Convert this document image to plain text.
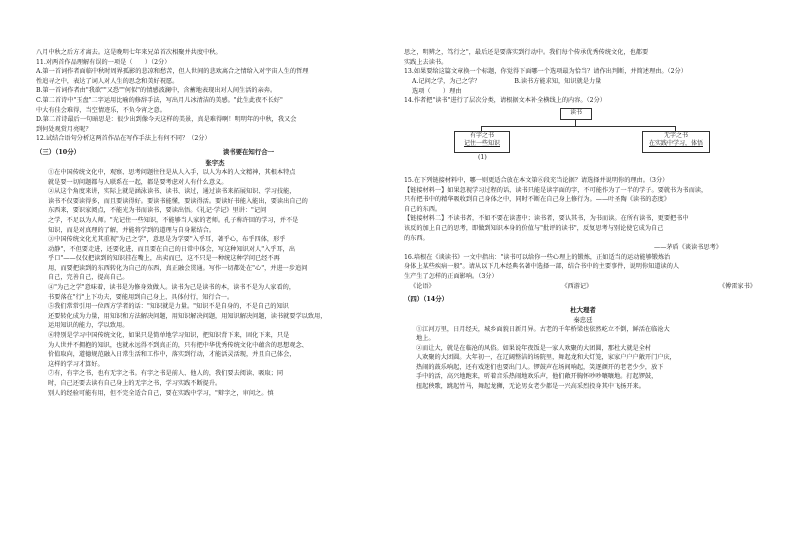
八月中秋之后方才离去。这是晚明七年来兄弟首次相聚并共度中秋。
11.对两首作品理解有误的一项是（　　）（2分）
A.第一首词作者面临中秋时周界孤影的悲凉和愁苦，但人世间的悲欢离合之情给入对宇宙人生的哲理
性追寻之中，表达了词人对人生的思念和美好祝愿。
B.第一首词作者由"我欲""又恐""何似"的情感波澜中，含蓄地表现出对人间生活的亲奔。
C.第二首诗中"玉盘"二字运用比喻的修辞手法，写出月儿冰清洁的美感。"此生此夜不长好"
中大有佳会难得，当空情迹乐，不负今宵之意。
D.第二首诗最后一句暗思是：很少出到像今天这样的美景，真是难得啊！明明年的中秋，我又会
到何处观赏月亮呢？
12.试结合语句分析这两首作品在写作手法上有何不同？（2分）
（三）（10分）	读书要在知行合一
张宇杰
①在中国传统文化中，观察、思考问题往往是从人入手，以人为本的人文精神，其根本特点
就是要一切问题都与人联系在一起，都是要考虑对人有什么意义。
②从这个角度来讲，实际上就是涵泳读书、读书、读过，通过读书来拓展知识、学习技能，
读书不仅要读得多，而且要读得好。要读书能懂，要读得活。要读好书能入能出，要读出自己的
东西来，要识家阅点，不能光为书而读书，要读出悟。《礼记·学记》里讲："记问
之学，不足以为人师。"光记住一些知识，不能够当人家的老师。孔子称许回的学习，并不是
知识，而是对真理的了解，并能将学到的道理与自身紧结合。
③中国传统文化尤其重视"为己之学"，意思是为学要"入乎耳，著乎心，布乎四体，形乎
动静"，不但要走进，还要化进，而且要在自己的日常中体会，写这种知识对人"入乎耳，出
乎口"——仅仅把读到的知识挂在嘴上，出卖而已，这不只是一种统这种学问已经不再
用，而要把读到的东西转化为自己的东西，真正融会贯通。写作一切都处在"心"，并进一步追问
自己，完善自己，提高自己。
④"为己之学"意味着，读书是为修身效做人。读书为己是读书的本，读书不是为人家看的，
书要落在"行"上下功夫，要能用到自己身上，具体付行，知行合一。
⑤我们常常引用一位西方学者的话："知识就是力量。"知识不是自身的，不是自己的知识
还要转化成为力量，用知识和方法解决问题，用知识解决问题，用知识解决问题，读书就要学以致用，
运用知识的能力，学以致用。
⑥特别是学习中国传统文化，如果只是简单地学习知识，把知识背下来，固化下来，只是
为人世并不拥抱的知识，也就永远得不到真正的，只有把中华优秀传统文化中蕴含的思想观念、
价值取向，道德规范融入日常生活和工作中，落实到行动，才能活灵活现，并且自己体会，
这样的学习才算好。
⑦有，有字之书，也有无字之书。有字之书是前人、他人的，我们要去阅读、吸取；同
时，自己还要去读有自己身上的无字之书，学习实践不断提升。
别人的经验可能有用，但不完全适合自己，要在实践中学习，"辩字之，审问之。慎
思之，明辨之，笃行之"，最后还是要落实到行动中。我们每个传承优秀传统文化，也都要
实践上去读书。
13.如果要给这篇文章换一个标题，你觉得下面哪一个选项最为恰当？请作出判断，并简述理由。（2分）
A.记问之学，为己之学？	B.读书方能求知，知识就是力量
选项（　　）理由
14.作者把"读书"进行了层次分类，请根据文本补全横线上的内容。（2分）
读书
有字之书
记住一些知识
(1)
无字之书
在实践中学习，体悟
15.在下列链接材料中，哪一则更适合放在本文第⑥段充当论据？请选择并说明你的理由。（3分）
【链接材料一】如果忽视学习过程的话，读书只能是读字面的字，不可能作为了一半的学子。要就书为书而读，
只有把书中的精华吸收到自己身体之中，同时不断在自己身上修行为。——叶圣陶《读书的态度》
自己的东西。
【链接材料二】不读书者，不如不要在读書中；读书者，要认其书，为书而读。在所有读书，更要把书中
该反的加上自己的思考，即做到知识本身的价值与"批评的读书"，反复思考与别论使它成为自己
的东西。
——茅盾《谈读书思考》
16.培根在《谈读书》一文中指出："读书可以给你一些心理上的锻炼，正如适当的运动能够锻炼治
身体上某些疾病一般"。请从以下几本经典名著中选择一部，结合书中的主要事件，说明你知道读的人
生产生了怎样的正面影响。（3分）
《论语》	《西游记》	《傅雷家书》
（四）（14分）
杜大理者
秦忠廷
①江河万里，日月经天，城乡面貌日新月异。古老的千年桥梁也依然屹立不倒，鲜活在临沧大
地上。
②而让大，就是在临沧的风俗。如果说年夜饭是一家人欢聚的大团圆，那杜大就是全村
人欢聚的大团圆。大年初一，在辽阔整洁的场院里，舞起龙和大灯笼，家家户户户敞开门户庆，
热闹的鼓乐响起，还有戏迷们也要出门人。锣鼓声在场间响起，笑逐颜开的老老少少，放下
手中的活，高兴地跑来，听着音乐热闹地欢乐声，他们敞开胸怀吵吵嚷嚷地。打起锣鼓，
扭起秧歌，跳起竹马，舞起龙狮，无论男女老少都是一兴高采烈投身其中飞扬开来。
